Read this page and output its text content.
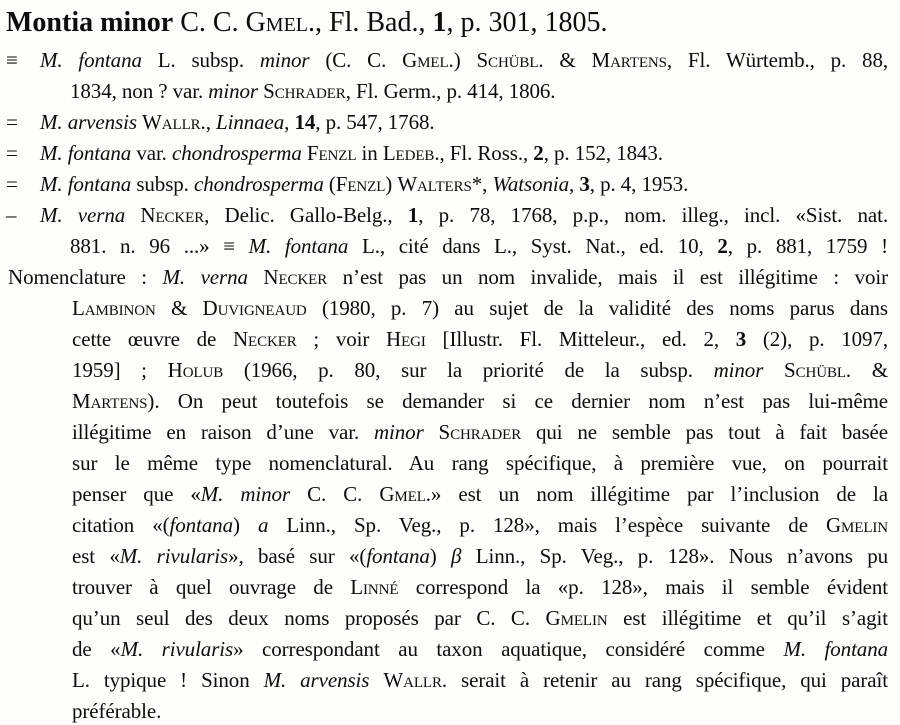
Montia minor C. C. Gmel., Fl. Bad., 1, p. 301, 1805.
≡	M. fontana L. subsp. minor (C. C. Gmel.) Schübl. & Martens, Fl. Würtemb., p. 88,
1834, non ? var. minor Schrader, Fl. Germ., p. 414, 1806.
=	M. arvensis Wallr., Linnaea, 14, p. 547, 1768.
=	M. fontana var. chondrosperma Fenzl in Ledeb., Fl. Ross., 2, p. 152, 1843.
=	M. fontana subsp. chondrosperma (Fenzl) Walters*, Watsonia, 3, p. 4, 1953.
–	M. verna Necker, Delic. Gallo-Belg., 1, p. 78, 1768, p.p., nom. illeg., incl. «Sist. nat.
881. n. 96 ...» ≡ M. fontana L., cité dans L., Syst. Nat., ed. 10, 2, p. 881, 1759 !
Nomenclature : M. verna Necker n’est pas un nom invalide, mais il est illégitime : voir
Lambinon & Duvigneaud (1980, p. 7) au sujet de la validité des noms parus dans
cette œuvre de Necker ; voir Hegi [Illustr. Fl. Mitteleur., ed. 2, 3 (2), p. 1097,
1959] ; Holub (1966, p. 80, sur la priorité de la subsp. minor Schübl. &
Martens). On peut toutefois se demander si ce dernier nom n’est pas lui-même
illégitime en raison d’une var. minor Schrader qui ne semble pas tout à fait basée
sur le même type nomenclatural. Au rang spécifique, à première vue, on pourrait
penser que «M. minor C. C. Gmel.» est un nom illégitime par l’inclusion de la
citation «(fontana) a Linn., Sp. Veg., p. 128», mais l’espèce suivante de Gmelin
est «M. rivularis», basé sur «(fontana) β Linn., Sp. Veg., p. 128». Nous n’avons pu
trouver à quel ouvrage de Linné correspond la «p. 128», mais il semble évident
qu’un seul des deux noms proposés par C. C. Gmelin est illégitime et qu’il s’agit
de «M. rivularis» correspondant au taxon aquatique, considéré comme M. fontana
L. typique ! Sinon M. arvensis Wallr. serait à retenir au rang spécifique, qui paraît
préférable.
